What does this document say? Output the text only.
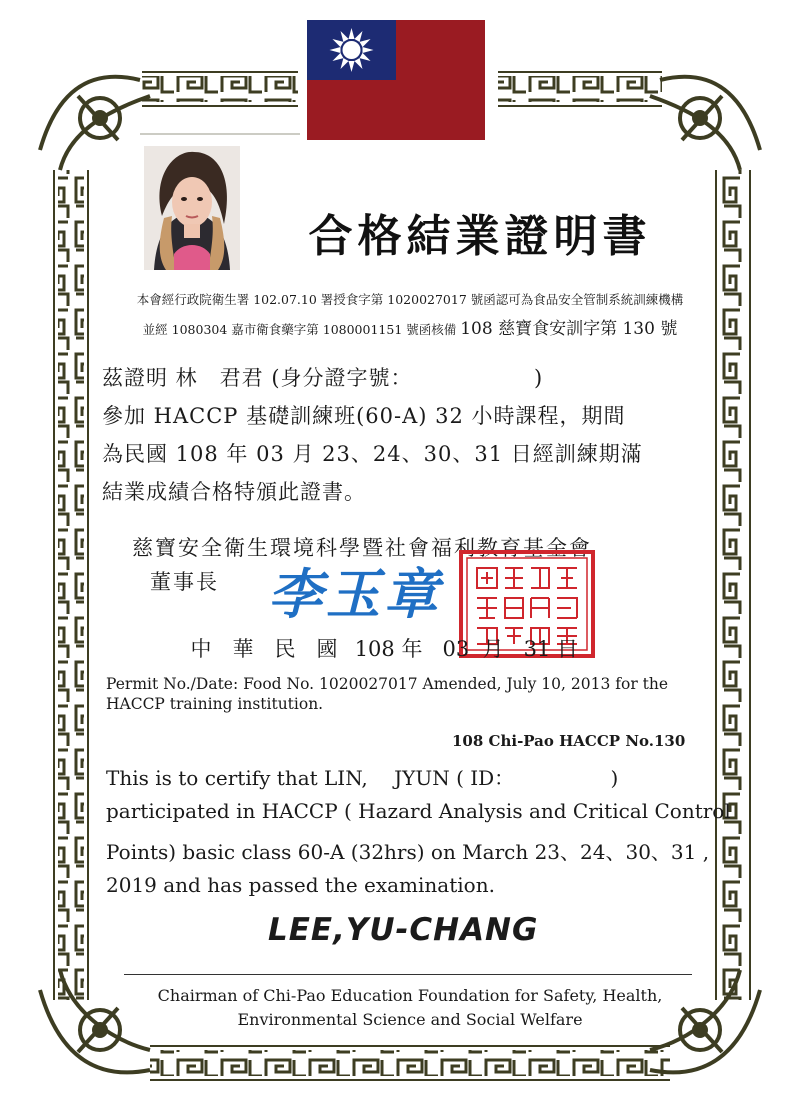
合格結業證明書
本會經行政院衛生署 102.07.10 署授食字第 1020027017 號函認可為食品安全管制系統訓練機構
並經 1080304 嘉市衛食藥字第 1080001151 號函核備 108 慈寶食安訓字第 130 號
茲證明 林　君君 (身分證字號：　　　　　　)
參加 HACCP 基礎訓練班(60-A) 32 小時課程，期間
為民國 108 年 03 月 23、24、30、31 日經訓練期滿
結業成績合格特頒此證書。
慈寶安全衛生環境科學暨社會福利教育基金會
董事長 李玉章
中 華 民 國 108 年 03 月 31 日
Permit No./Date: Food No. 1020027017 Amended, July 10, 2013 for the HACCP training institution.
108 Chi-Pao HACCP No.130
This is to certify that LIN,　 JYUN ( ID：　　　　　 )
participated in HACCP ( Hazard Analysis and Critical Control
Points) basic class 60-A (32hrs) on March 23、24、30、31 ,
2019 and has passed the examination.
LEE,YU-CHANG
Chairman of Chi-Pao Education Foundation for Safety, Health,
Environmental Science and Social Welfare
